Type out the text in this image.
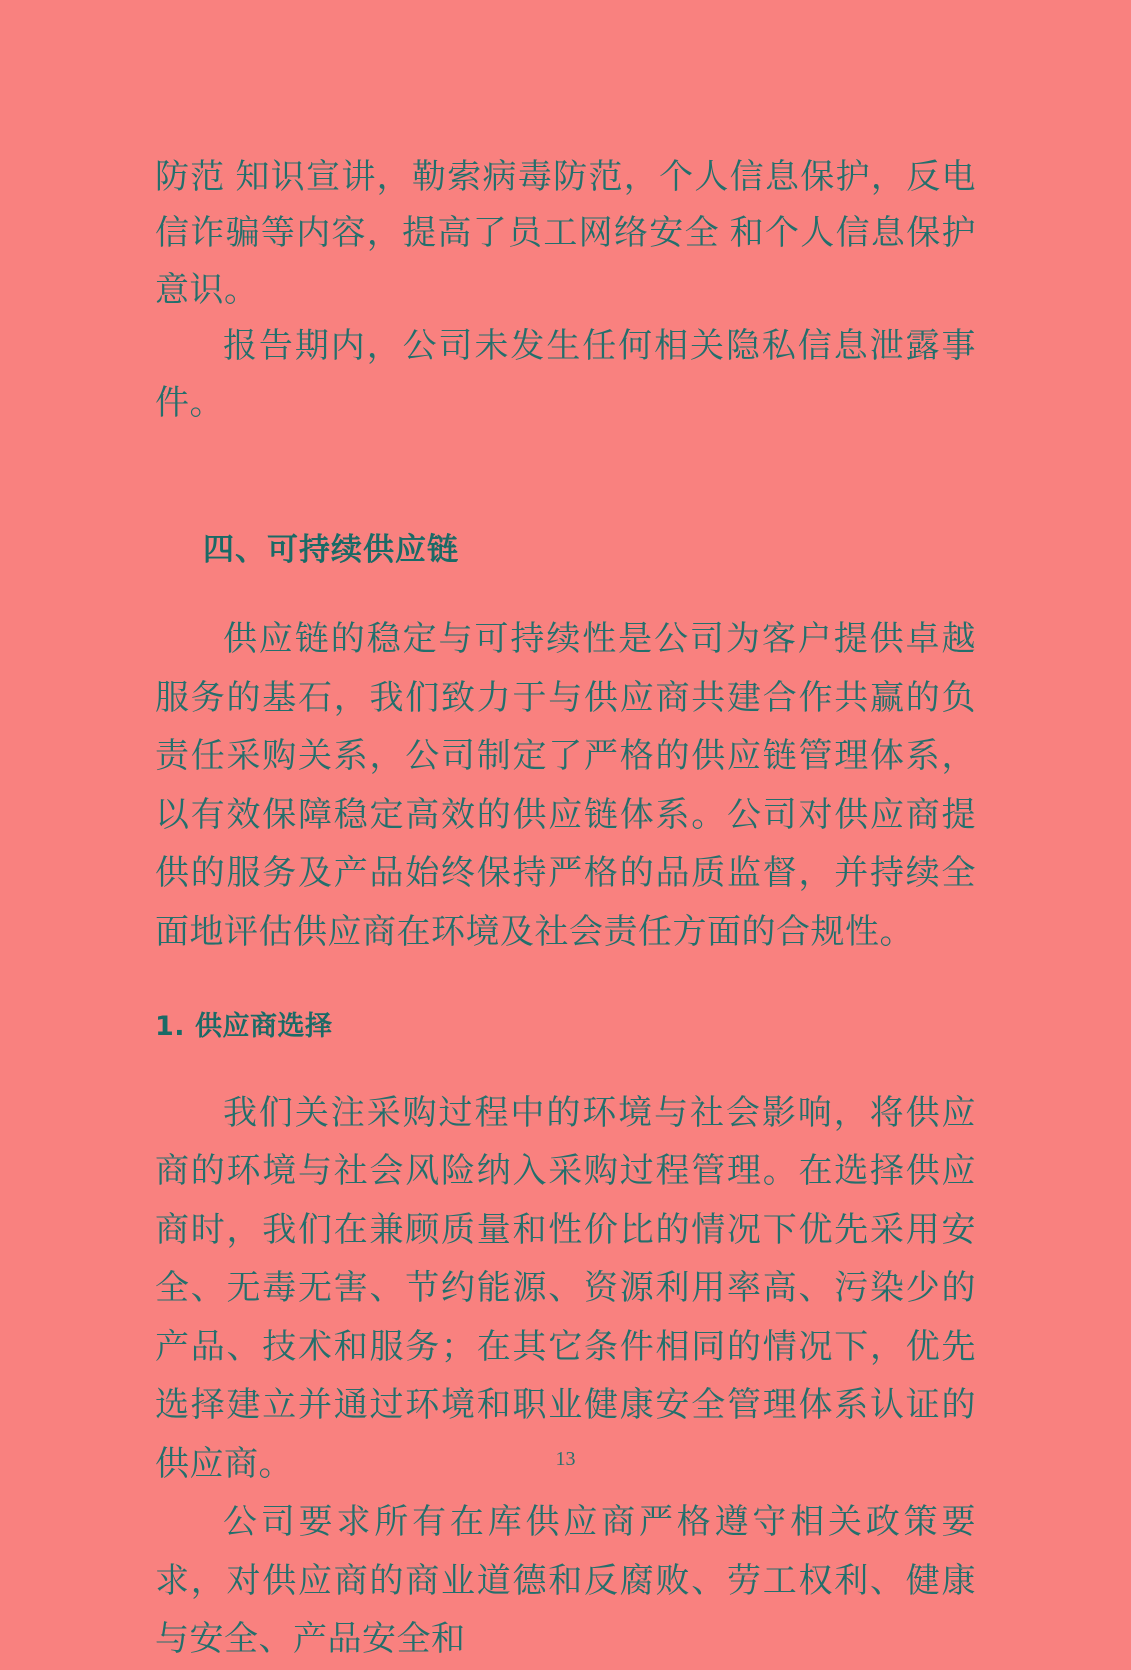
防范 知识宣讲，勒索病毒防范，个人信息保护，反电信诈骗等内容，提高了员工网络安全 和个人信息保护意识。

报告期内，公司未发生任何相关隐私信息泄露事件。

四、可持续供应链

供应链的稳定与可持续性是公司为客户提供卓越服务的基石，我们致力于与供应商共建合作共赢的负责任采购关系，公司制定了严格的供应链管理体系，以有效保障稳定高效的供应链体系。公司对供应商提供的服务及产品始终保持严格的品质监督，并持续全面地评估供应商在环境及社会责任方面的合规性。

1. 供应商选择

我们关注采购过程中的环境与社会影响，将供应商的环境与社会风险纳入采购过程管理。在选择供应商时，我们在兼顾质量和性价比的情况下优先采用安全、无毒无害、节约能源、资源利用率高、污染少的产品、技术和服务；在其它条件相同的情况下，优先选择建立并通过环境和职业健康安全管理体系认证的供应商。

公司要求所有在库供应商严格遵守相关政策要求，对供应商的商业道德和反腐败、劳工权利、健康与安全、产品安全和

13
